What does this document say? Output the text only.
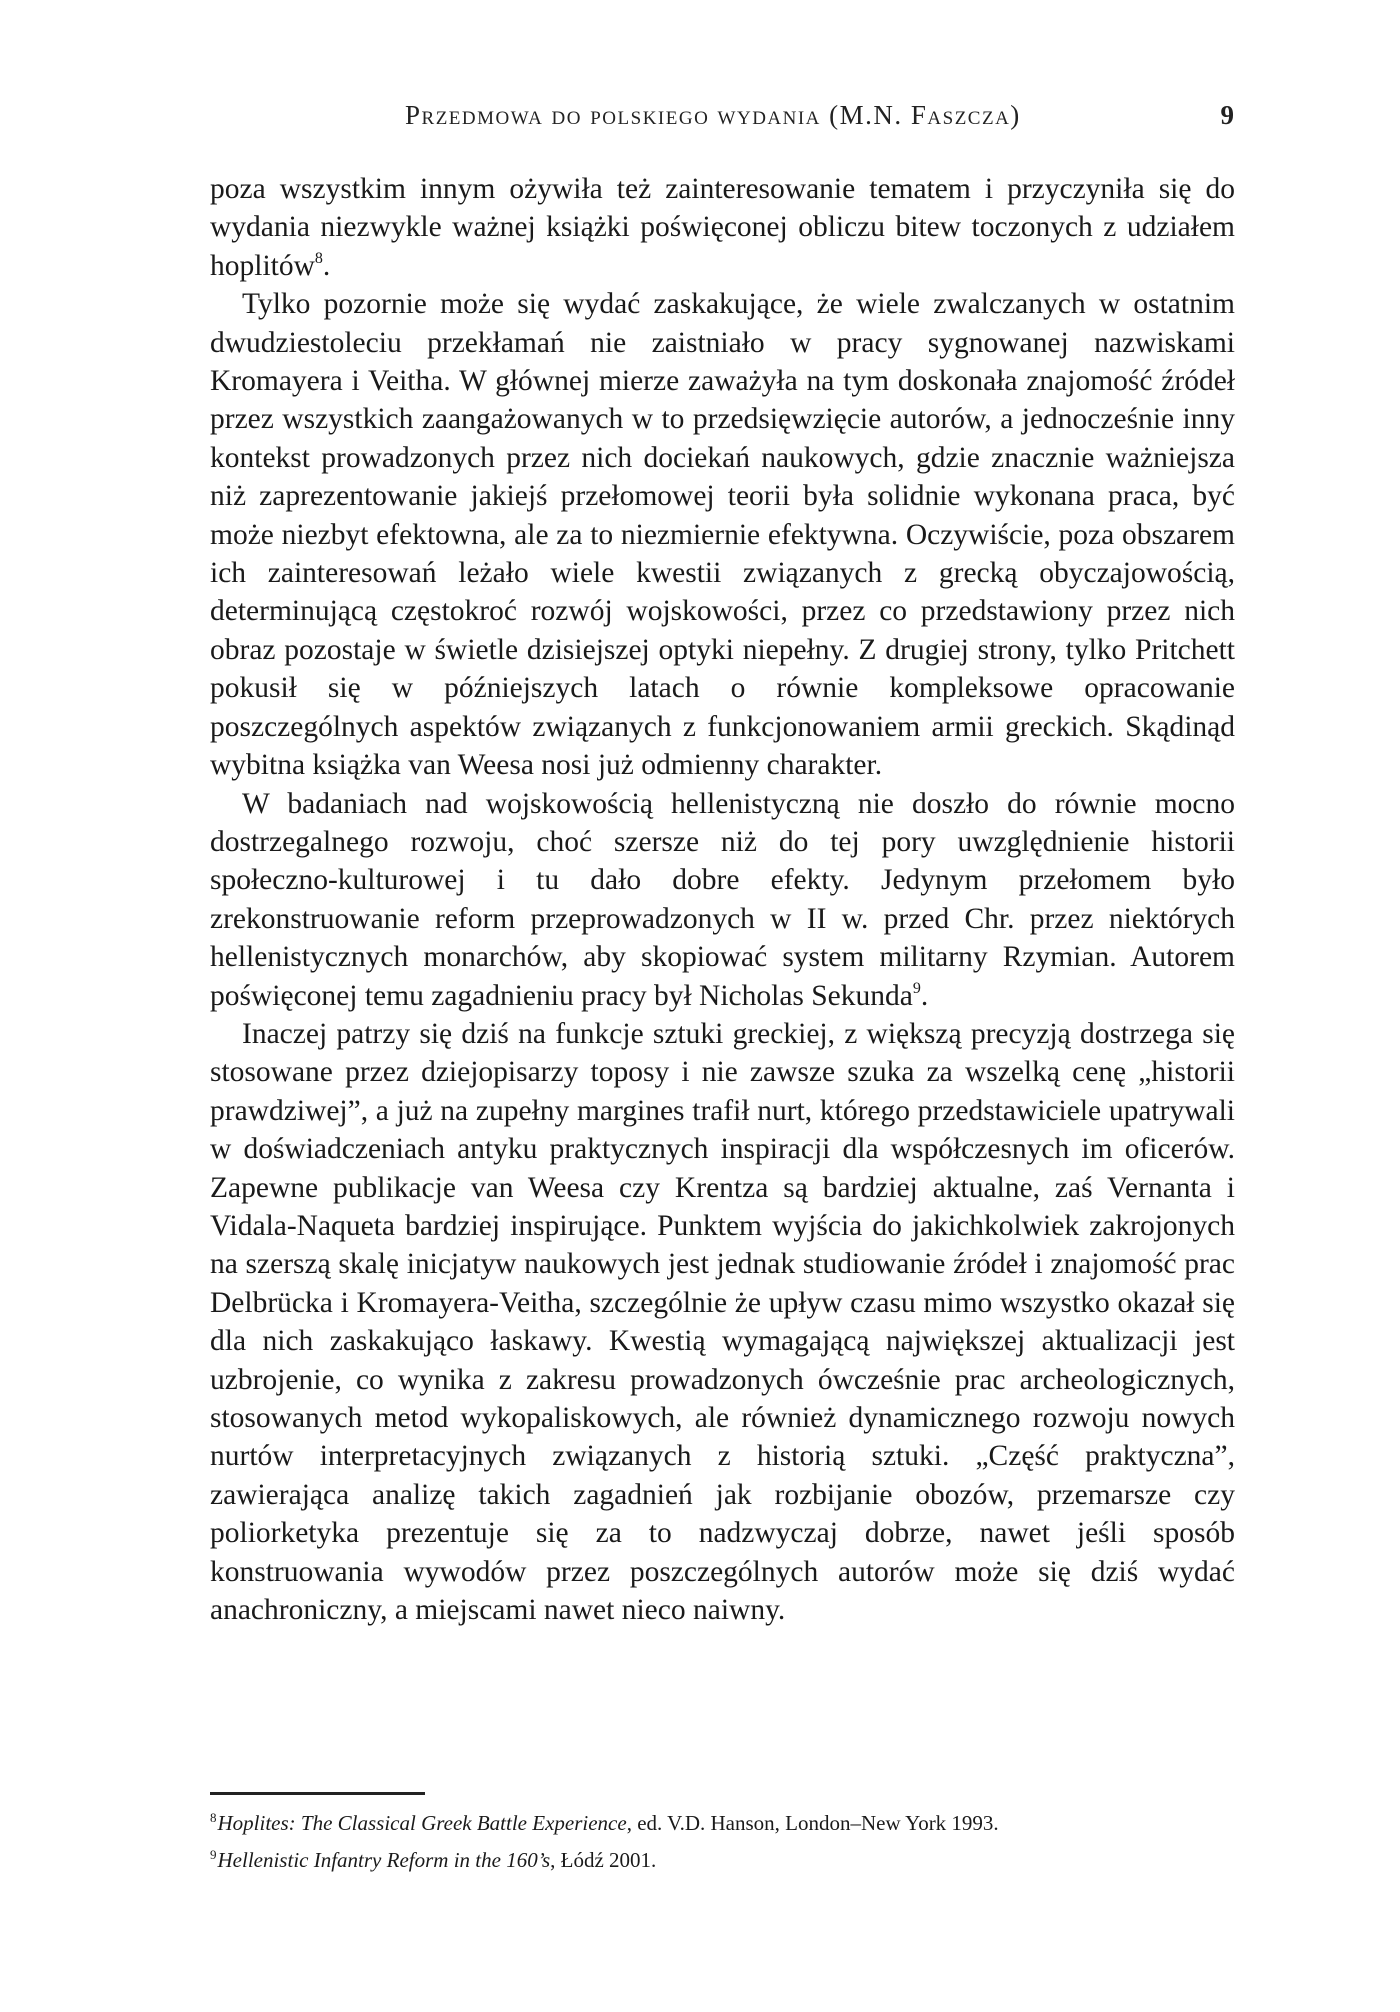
Przedmowa do polskiego wydania (M.N. Faszcza)	9

poza wszystkim innym ożywiła też zainteresowanie tematem i przyczyniła się do wydania niezwykle ważnej książki poświęconej obliczu bitew toczonych z udziałem hoplitów$^8$.

Tylko pozornie może się wydać zaskakujące, że wiele zwalczanych w ostatnim dwudziestoleciu przekłamań nie zaistniało w pracy sygnowanej nazwiskami Kromayera i Veitha. W głównej mierze zaważyła na tym doskonała znajomość źródeł przez wszystkich zaangażowanych w to przedsięwzięcie autorów, a jednocześnie inny kontekst prowadzonych przez nich dociekań naukowych, gdzie znacznie ważniejsza niż zaprezentowanie jakiejś przełomowej teorii była solidnie wykonana praca, być może niezbyt efektowna, ale za to niezmiernie efektywna. Oczywiście, poza obszarem ich zainteresowań leżało wiele kwestii związanych z grecką obyczajowością, determinującą częstokroć rozwój wojskowości, przez co przedstawiony przez nich obraz pozostaje w świetle dzisiejszej optyki niepełny. Z drugiej strony, tylko Pritchett pokusił się w późniejszych latach o równie kompleksowe opracowanie poszczególnych aspektów związanych z funkcjonowaniem armii greckich. Skądinąd wybitna książka van Weesa nosi już odmienny charakter.

W badaniach nad wojskowością hellenistyczną nie doszło do równie mocno dostrzegalnego rozwoju, choć szersze niż do tej pory uwzględnienie historii społeczno-kulturowej i tu dało dobre efekty. Jedynym przełomem było zrekonstruowanie reform przeprowadzonych w II w. przed Chr. przez niektórych hellenistycznych monarchów, aby skopiować system militarny Rzymian. Autorem poświęconej temu zagadnieniu pracy był Nicholas Sekunda$^9$.

Inaczej patrzy się dziś na funkcje sztuki greckiej, z większą precyzją dostrzega się stosowane przez dziejopisarzy toposy i nie zawsze szuka za wszelką cenę „historii prawdziwej”, a już na zupełny margines trafił nurt, którego przedstawiciele upatrywali w doświadczeniach antyku praktycznych inspiracji dla współczesnych im oficerów. Zapewne publikacje van Weesa czy Krentza są bardziej aktualne, zaś Vernanta i Vidala-Naqueta bardziej inspirujące. Punktem wyjścia do jakichkolwiek zakrojonych na szerszą skalę inicjatyw naukowych jest jednak studiowanie źródeł i znajomość prac Delbrücka i Kromayera-Veitha, szczególnie że upływ czasu mimo wszystko okazał się dla nich zaskakująco łaskawy. Kwestią wymagającą największej aktualizacji jest uzbrojenie, co wynika z zakresu prowadzonych ówcześnie prac archeologicznych, stosowanych metod wykopaliskowych, ale również dynamicznego rozwoju nowych nurtów interpretacyjnych związanych z historią sztuki. „Część praktyczna”, zawierająca analizę takich zagadnień jak rozbijanie obozów, przemarsze czy poliorketyka prezentuje się za to nadzwyczaj dobrze, nawet jeśli sposób konstruowania wywodów przez poszczególnych autorów może się dziś wydać anachroniczny, a miejscami nawet nieco naiwny.

$^8$Hoplites: The Classical Greek Battle Experience, ed. V.D. Hanson, London–New York 1993.

$^9$Hellenistic Infantry Reform in the 160’s, Łódź 2001.
